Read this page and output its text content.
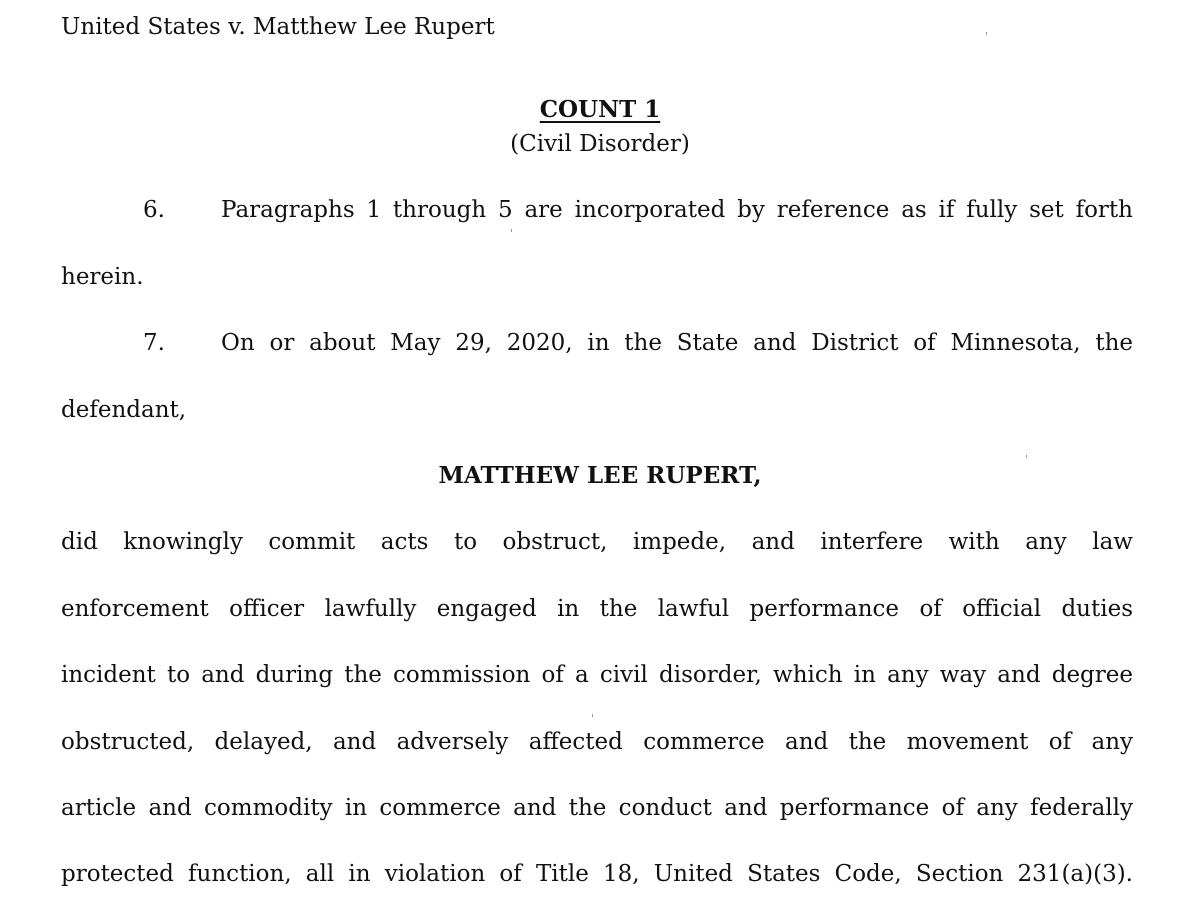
United States v. Matthew Lee Rupert
COUNT 1
(Civil Disorder)
6.	Paragraphs 1 through 5 are incorporated by reference as if fully set forth
herein.
7.	On or about May 29, 2020, in the State and District of Minnesota, the
defendant,
MATTHEW LEE RUPERT,
did knowingly commit acts to obstruct, impede, and interfere with any law
enforcement officer lawfully engaged in the lawful performance of official duties
incident to and during the commission of a civil disorder, which in any way and degree
obstructed, delayed, and adversely affected commerce and the movement of any
article and commodity in commerce and the conduct and performance of any federally
protected function, all in violation of Title 18, United States Code, Section 231(a)(3).
